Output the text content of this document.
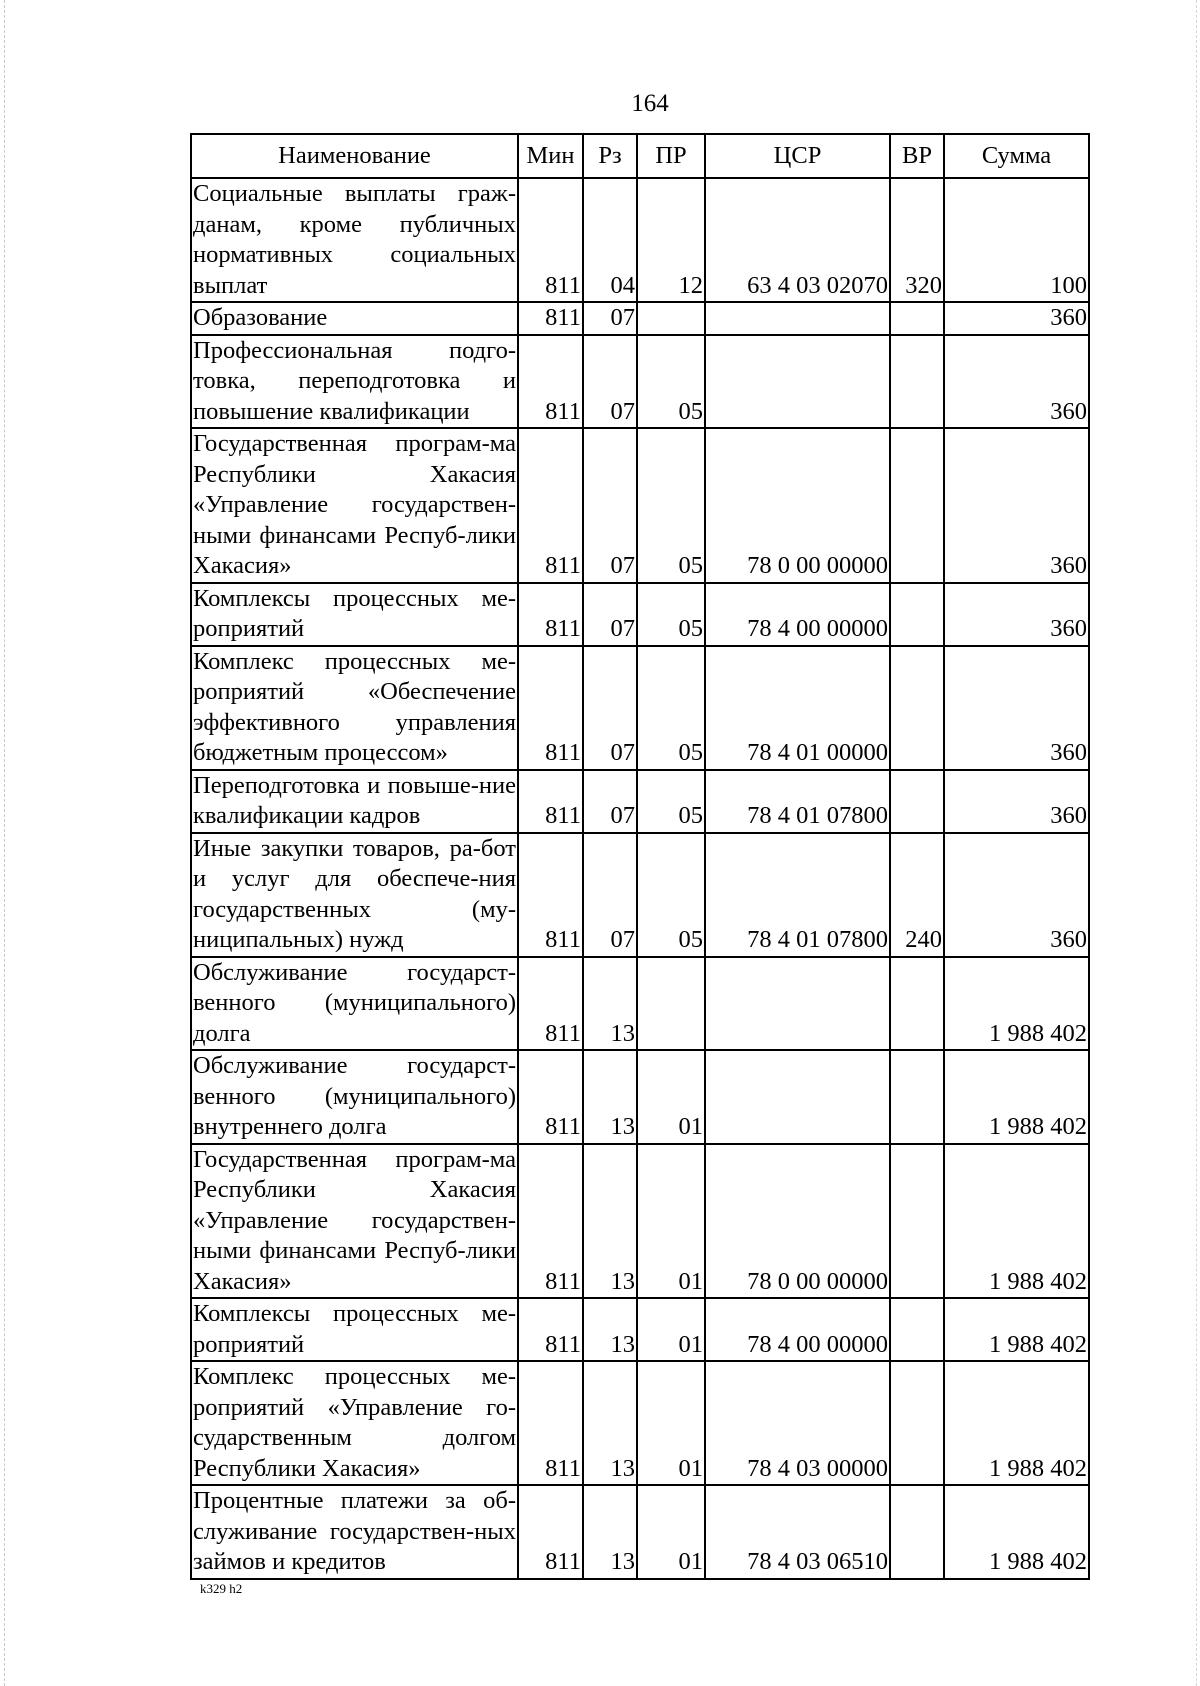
164
Наименование	Мин	Рз	ПР	ЦСР	ВР	Сумма
Социальные выплаты граж-данам, кроме публичных нормативных социальных выплат	811	04	12	63 4 03 02070	320	100
Образование	811	07				360
Профессиональная подго-товка, переподготовка и повышение квалификации	811	07	05			360
Государственная програм-ма Республики Хакасия «Управление государствен-ными финансами Респуб-лики Хакасия»	811	07	05	78 0 00 00000		360
Комплексы процессных ме-роприятий	811	07	05	78 4 00 00000		360
Комплекс процессных ме-роприятий «Обеспечение эффективного управления бюджетным процессом»	811	07	05	78 4 01 00000		360
Переподготовка и повыше-ние квалификации кадров	811	07	05	78 4 01 07800		360
Иные закупки товаров, ра-бот и услуг для обеспече-ния государственных (му-ниципальных) нужд	811	07	05	78 4 01 07800	240	360
Обслуживание государст-венного (муниципального) долга	811	13				1 988 402
Обслуживание государст-венного (муниципального) внутреннего долга	811	13	01			1 988 402
Государственная програм-ма Республики Хакасия «Управление государствен-ными финансами Респуб-лики Хакасия»	811	13	01	78 0 00 00000		1 988 402
Комплексы процессных ме-роприятий	811	13	01	78 4 00 00000		1 988 402
Комплекс процессных ме-роприятий «Управление го-сударственным долгом Республики Хакасия»	811	13	01	78 4 03 00000		1 988 402
Процентные платежи за об-служивание государствен-ных займов и кредитов	811	13	01	78 4 03 06510		1 988 402
k329 h2
